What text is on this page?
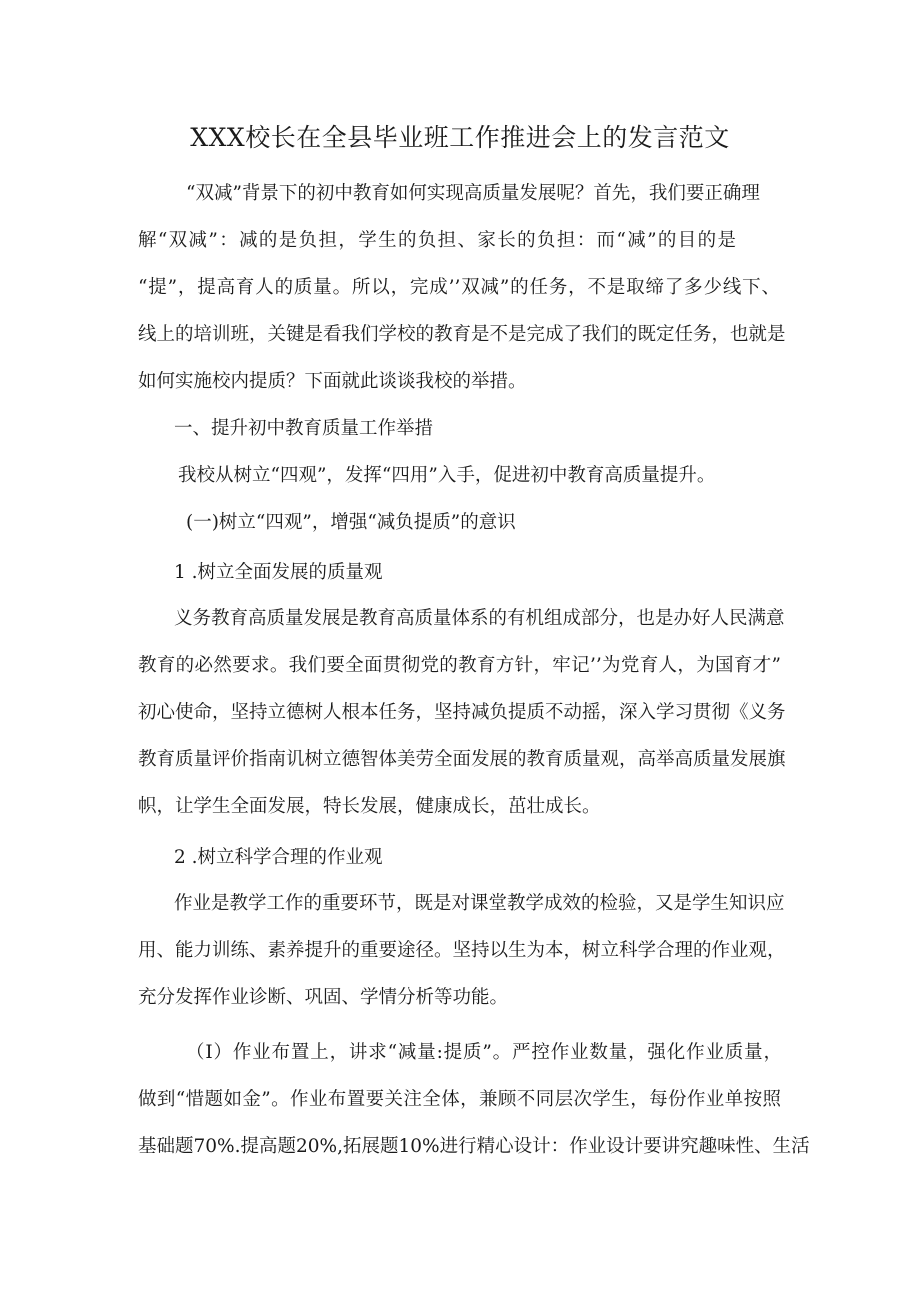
XXX校长在全县毕业班工作推进会上的发言范文
“双减”背景下的初中教育如何实现高质量发展呢？首先，我们要正确理
解“双减”：减的是负担，学生的负担、家长的负担：而“减”的目的是
“提”，提高育人的质量。所以，完成’’双减”的任务，不是取缔了多少线下、
线上的培训班，关键是看我们学校的教育是不是完成了我们的既定任务，也就是
如何实施校内提质？下面就此谈谈我校的举措。
一、提升初中教育质量工作举措
我校从树立“四观”，发挥“四用”入手，促进初中教育高质量提升。
(一)树立“四观”，增强“减负提质”的意识
1 .树立全面发展的质量观
义务教育高质量发展是教育高质量体系的有机组成部分，也是办好人民满意
教育的必然要求。我们要全面贯彻党的教育方针，牢记’’为党育人，为国育才”
初心使命，坚持立德树人根本任务，坚持减负提质不动摇，深入学习贯彻《义务
教育质量评价指南讥树立德智体美劳全面发展的教育质量观，高举高质量发展旗
帜，让学生全面发展，特长发展，健康成长，茁壮成长。
2 .树立科学合理的作业观
作业是教学工作的重要环节，既是对课堂教学成效的检验，又是学生知识应
用、能力训练、素养提升的重要途径。坚持以生为本，树立科学合理的作业观，
充分发挥作业诊断、巩固、学情分析等功能。
（I）作业布置上，讲求“减量:提质”。严控作业数量，强化作业质量，
做到“惜题如金”。作业布置要关注全体，兼顾不同层次学生，每份作业单按照
基础题70%.提高题20%,拓展题10%进行精心设计：作业设计要讲究趣味性、生活
